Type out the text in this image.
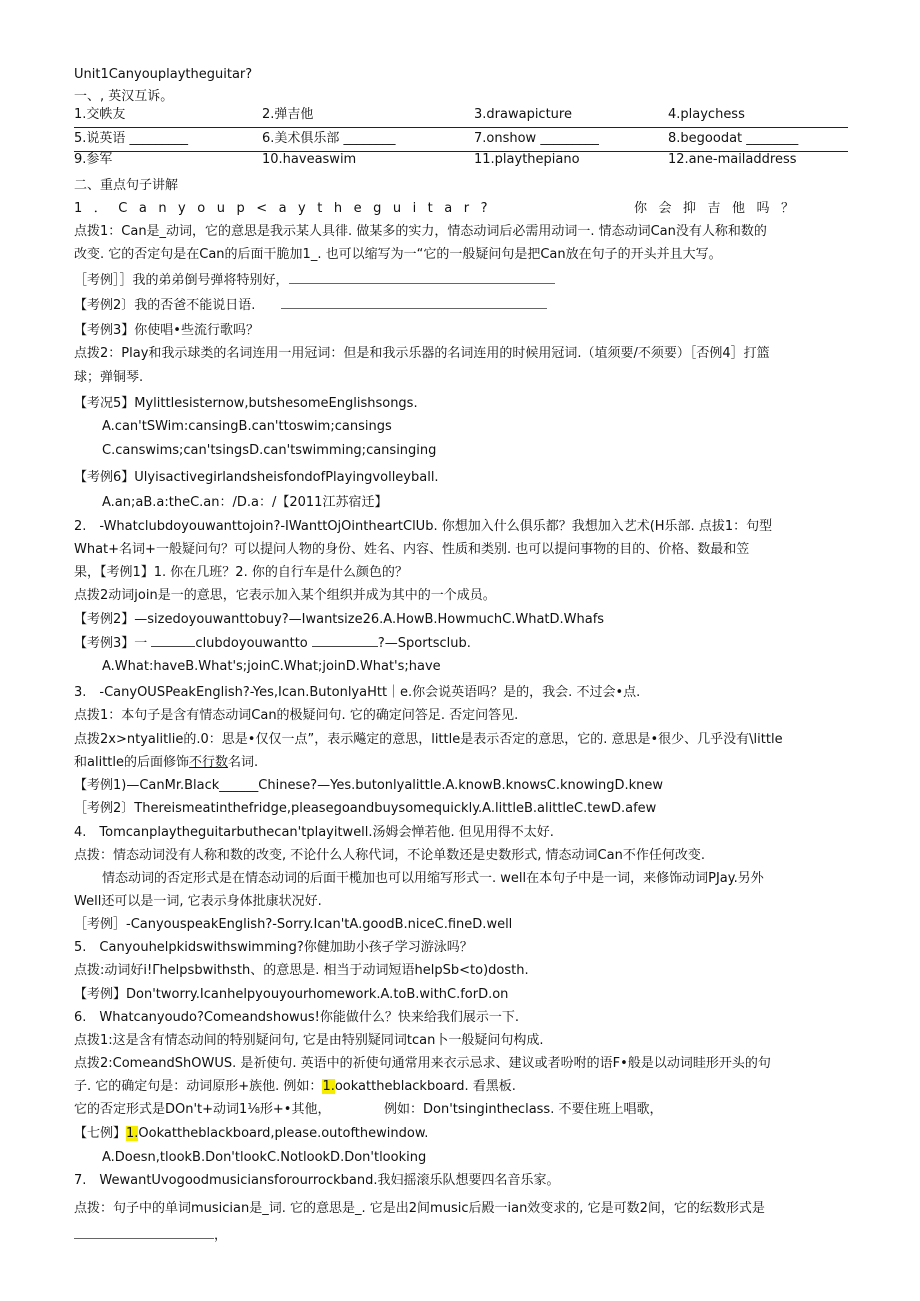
Unit1Canyouplaytheguitar?
一、, 英汉互诉。
1.交帙友	2.弹吉他	3.drawapicture	4.playchess
5.说英语 _________	6.美术俱乐部 ________	7.onshow _________	8.begoodat ________
9.参军	10.haveaswim	11.playthepiano	12.ane-mailaddress
二、重点句子讲解
1．Canyoup<aytheguitar?	你会抑吉他吗？
点拨1：Can是_动词，它的意思是我示某人具徘. 做某多的实力，情态动词后必需用动词一. 情态动词Can没有人称和数的
改变. 它的否定句是在Can的后面干脆加1_. 也可以缩写为一“它的一般疑问句是把Can放在句子的开头并且大写。
［考例］］我的弟弟倒号弹将特别好，
【考例2〕我的否爸不能说日语.　　
【考例3】你使唱•些流行歌吗？
点拨2：Play和我示球类的名词连用一用冠词：但是和我示乐器的名词连用的时候用冠词.（埴须要/不须要）［否例4］打篮
球；弹铜琴.
【考况5】Mylittlesisternow,butshesomeEnglishsongs.
A.can'tSWim:cansingB.can'ttoswim;cansings
C.canswims;can'tsingsD.can'tswimming;cansinging
【考例6】UlyisactivegirlandsheisfondofPlayingvolleyball.
A.an;aB.a:theC.an：/D.a：/【2011江苏宿迁】
2.　-Whatclubdoyouwanttojoin?-IWanttOjOintheartClUb. 你想加入什么俱乐都？我想加入艺术(H乐部. 点拔1：句型
What+名词+一般疑问句？可以提问人物的身份、姓名、内容、性质和类别. 也可以提问事物的目的、价格、数最和笠
果，【考例1】1. 你在几班？2. 你的自行车是什么颜色的？
点拨2动词join是一的意思，它表示加入某个组织并成为其中的一个成员。
【考例2】—sizedoyouwanttobuy?—Iwantsize26.A.HowB.HowmuchC.WhatD.Whafs
【考例3】一	clubdoyouwantto	?—Sportsclub.
A.What:haveB.What's;joinC.What;joinD.What's;have
3.　-CanyOUSPeakEnglish?-Yes,Ican.ButonlyaHtt｜e.你会说英语吗？是的，我会. 不过会•点.
点拨1：本句子是含有情态动词Can的极疑问句. 它的确定问答足. 否定问答见.
点拨2x>ntyalitlie的.0：思是•仅仅一点”，表示飚定的意思，little是表示否定的意思，它的. 意思是•很少、几乎没有\little
和alittle的后面修饰不行数名词.
【考例1)—CanMr.Black______Chinese?—Yes.butonlyalittle.A.knowB.knowsC.knowingD.knew
［考例2〕Thereismeatinthefridge,pleasegoandbuysomequickly.A.littleB.alittleC.tewD.afew
4.　Tomcanplaytheguitarbuthecan'tplayitwell.汤姆会惮若他. 但见用得不太好.
点拨：情态动词没有人称和数的改变, 不论什么人称代词，不论单数还是史数形式, 情态动词Can不作任何改变.
情态动词的否定形式是在情态动词的后面干榄加也可以用缩写形式一. well在本句子中是一词，来修饰动词PJay.另外
Well还可以是一词, 它表示身体批康状况好.
［考例］-CanyouspeakEnglish?-Sorry.Ican'tA.goodB.niceC.fineD.well
5.　Canyouhelpkidswithswimming?你健加助小孩孑学习游泳吗？
点拨:动词好i!Γhelpsbwithsth、的意思是. 相当于动词短语helpSb<to)dosth.
【考例】Don'tworry.Icanhelpyouyourhomework.A.toB.withC.forD.on
6.　Whatcanyoudo?Comeandshowus!你能做什么？快来给我们展示一下.
点拨1:这是含有情态动间的特别疑问句, 它是由特别疑同词tcan卜一般疑问句构成.
点拨2:ComeandShOWUS. 是祈使句. 英语中的祈使句通常用来衣示忌求、建议或者吩咐的语F•般是以动词眭形开头的句
子. 它的确定句是：动词原形+族他. 例如：1.ookattheblackboard. 看黑板.
它的否定形式是DOn't+动词1⅛形+•其他，	例如：Don'tsingintheclass. 不要住班上唱歌，
【七例】1.Ookattheblackboard,please.outofthewindow.
A.Doesn,tlookB.Don'tlookC.NotlookD.Don'tlooking
7.　WewantUvogoodmusiciansforourrockband.我妇摇滚乐队想要四名音乐家。
点拨：句子中的单词musician是_词. 它的意思是_. 它是出2间music后殿一ian效变求的, 它是可数2间，它的纭数形式是
，
